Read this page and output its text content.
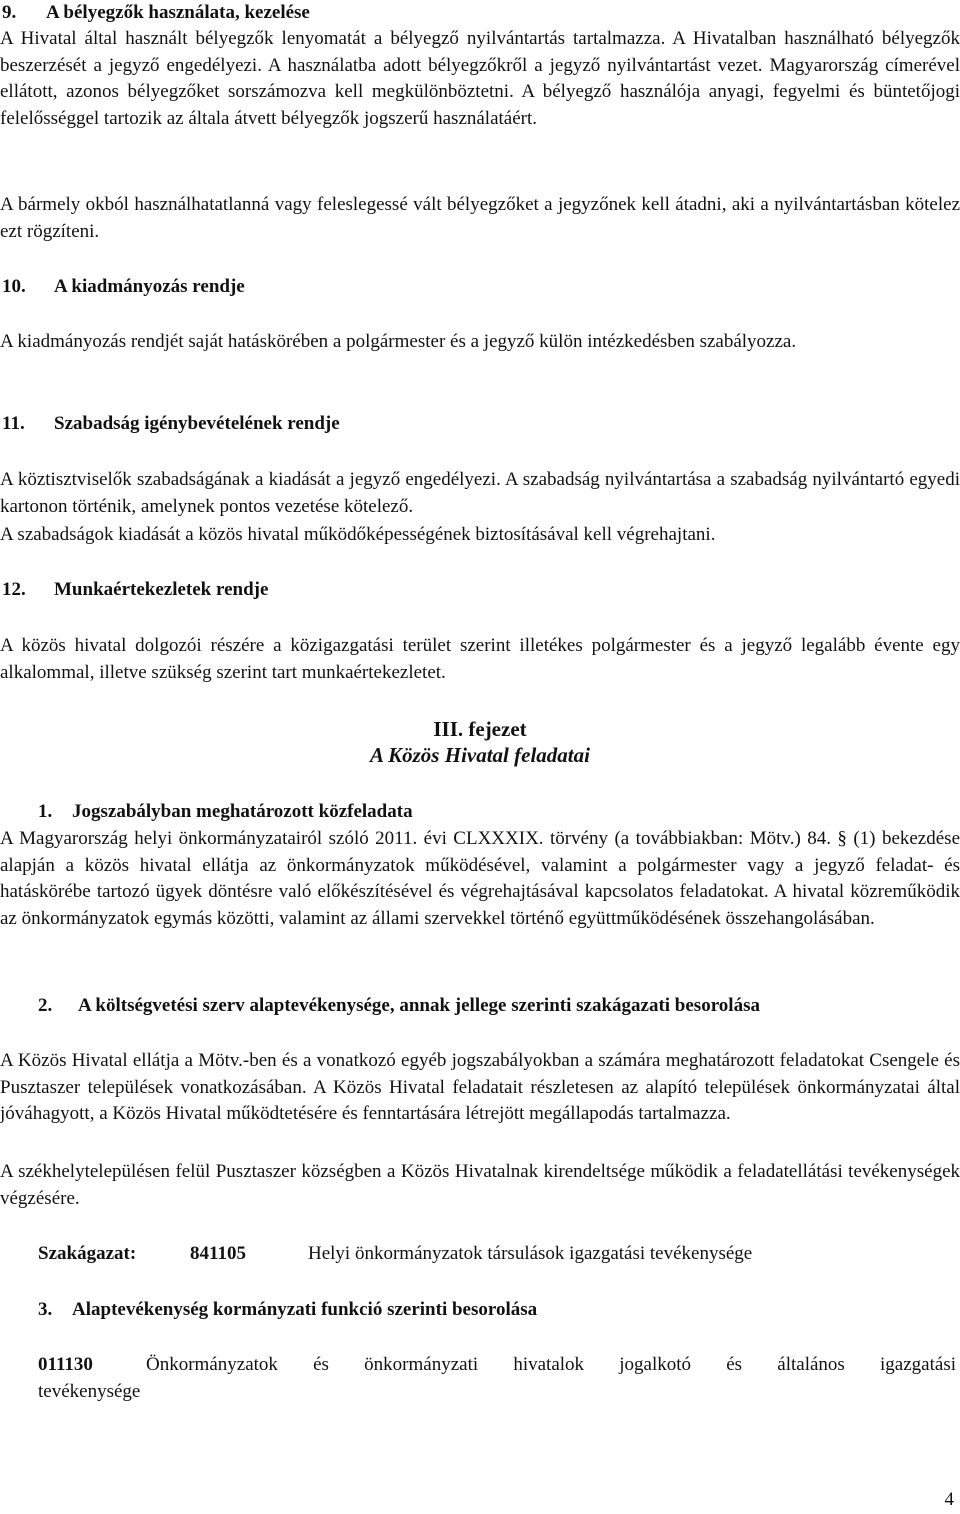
9. A bélyegzők használata, kezelése

A Hivatal által használt bélyegzők lenyomatát a bélyegző nyilvántartás tartalmazza. A Hivatalban használható bélyegzők beszerzését a jegyző engedélyezi. A használatba adott bélyegzőkről a jegyző nyilvántartást vezet. Magyarország címerével ellátott, azonos bélyegzőket sorszámozva kell megkülönböztetni. A bélyegző használója anyagi, fegyelmi és büntetőjogi felelősséggel tartozik az általa átvett bélyegzők jogszerű használatáért.

A bármely okból használhatatlanná vagy feleslegessé vált bélyegzőket a jegyzőnek kell átadni, aki a nyilvántartásban kötelez ezt rögzíteni.

10. A kiadmányozás rendje

A kiadmányozás rendjét saját hatáskörében a polgármester és a jegyző külön intézkedésben szabályozza.

11. Szabadság igénybevételének rendje

A köztisztviselők szabadságának a kiadását a jegyző engedélyezi. A szabadság nyilvántartása a szabadság nyilvántartó egyedi kartonon történik, amelynek pontos vezetése kötelező.

A szabadságok kiadását a közös hivatal működőképességének biztosításával kell végrehajtani.

12. Munkaértekezletek rendje

A közös hivatal dolgozói részére a közigazgatási terület szerint illetékes polgármester és a jegyző legalább évente egy alkalommal, illetve szükség szerint tart munkaértekezletet.

III. fejezet

A Közös Hivatal feladatai

1. Jogszabályban meghatározott közfeladata

A Magyarország helyi önkormányzatairól szóló 2011. évi CLXXXIX. törvény (a továbbiakban: Mötv.) 84. § (1) bekezdése alapján a közös hivatal ellátja az önkormányzatok működésével, valamint a polgármester vagy a jegyző feladat- és hatáskörébe tartozó ügyek döntésre való előkészítésével és végrehajtásával kapcsolatos feladatokat. A hivatal közreműködik az önkormányzatok egymás közötti, valamint az állami szervekkel történő együttműködésének összehangolásában.

2. A költségvetési szerv alaptevékenysége, annak jellege szerinti szakágazati besorolása

A Közös Hivatal ellátja a Mötv.-ben és a vonatkozó egyéb jogszabályokban a számára meghatározott feladatokat Csengele és Pusztaszer települések vonatkozásában. A Közös Hivatal feladatait részletesen az alapító települések önkormányzatai által jóváhagyott, a Közös Hivatal működtetésére és fenntartására létrejött megállapodás tartalmazza.

A székhelytelepülésen felül Pusztaszer községben a Közös Hivatalnak kirendeltsége működik a feladatellátási tevékenységek végzésére.

Szakágazat:	841105	Helyi önkormányzatok társulások igazgatási tevékenysége

3. Alaptevékenység kormányzati funkció szerinti besorolása

011130	Önkormányzatok és önkormányzati hivatalok jogalkotó és általános igazgatási

tevékenysége

4
